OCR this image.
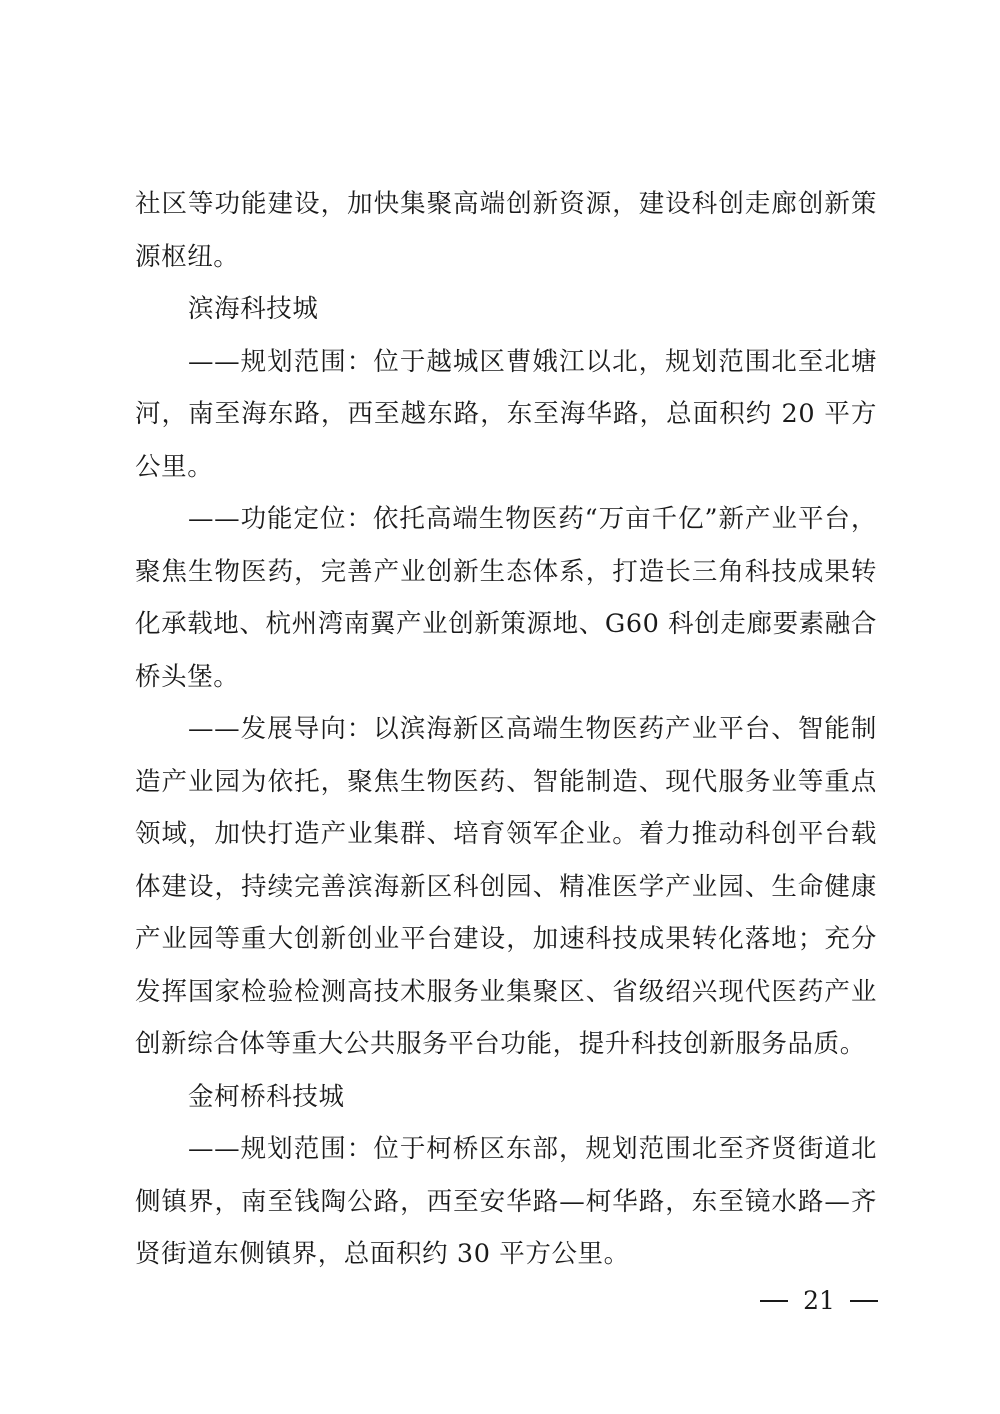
社区等功能建设，加快集聚高端创新资源，建设科创走廊创新策源枢纽。

滨海科技城

——规划范围：位于越城区曹娥江以北，规划范围北至北塘河，南至海东路，西至越东路，东至海华路，总面积约 20 平方公里。

——功能定位：依托高端生物医药“万亩千亿”新产业平台，聚焦生物医药，完善产业创新生态体系，打造长三角科技成果转化承载地、杭州湾南翼产业创新策源地、G60 科创走廊要素融合桥头堡。

——发展导向：以滨海新区高端生物医药产业平台、智能制造产业园为依托，聚焦生物医药、智能制造、现代服务业等重点领域，加快打造产业集群、培育领军企业。着力推动科创平台载体建设，持续完善滨海新区科创园、精准医学产业园、生命健康产业园等重大创新创业平台建设，加速科技成果转化落地；充分发挥国家检验检测高技术服务业集聚区、省级绍兴现代医药产业创新综合体等重大公共服务平台功能，提升科技创新服务品质。

金柯桥科技城

——规划范围：位于柯桥区东部，规划范围北至齐贤街道北侧镇界，南至钱陶公路，西至安华路—柯华路，东至镜水路—齐贤街道东侧镇界，总面积约 30 平方公里。

21
